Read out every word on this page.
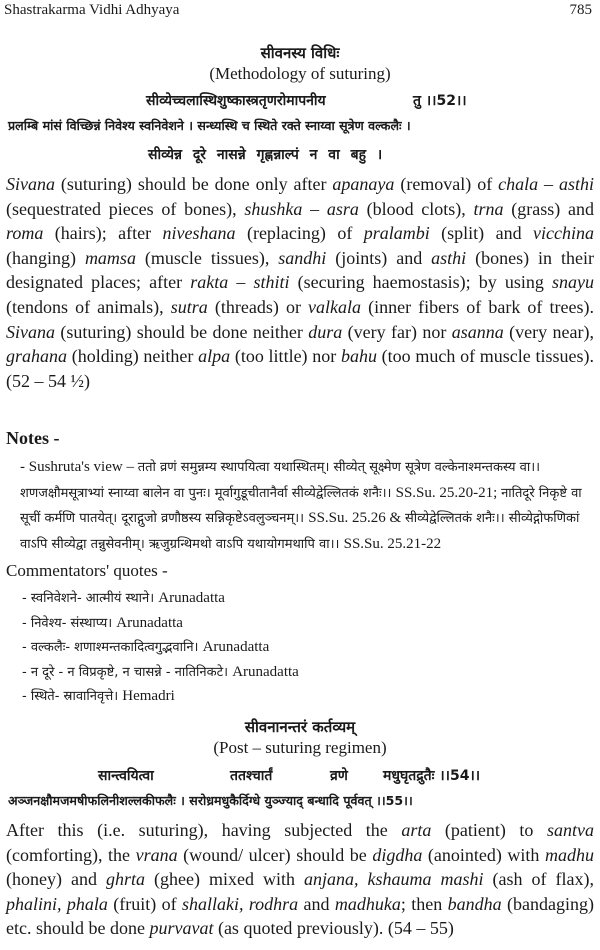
Shastrakarma Vidhi Adhyaya	785
सीवनस्य विधिः
(Methodology of suturing)
सीव्येच्चलास्थिशुष्कास्त्रतृणरोमापनीय	तु ।।52।।
प्रलम्बि मांसं विच्छिन्नं निवेश्य स्वनिवेशने । सन्ध्यस्थि च स्थिते रक्ते स्नाय्वा सूत्रेण वल्कलैः ।
सीव्येन्न दूरे नासन्ने गृह्णन्नाल्पं न वा बहु ।
Sivana (suturing) should be done only after apanaya (removal) of chala – asthi (sequestrated pieces of bones), shushka – asra (blood clots), trna (grass) and roma (hairs); after niveshana (replacing) of pralambi (split) and vicchina (hanging) mamsa (muscle tissues), sandhi (joints) and asthi (bones) in their designated places; after rakta – sthiti (securing haemostasis); by using snayu (tendons of animals), sutra (threads) or valkala (inner fibers of bark of trees). Sivana (suturing) should be done neither dura (very far) nor asanna (very near), grahana (holding) neither alpa (too little) nor bahu (too much of muscle tissues). (52 – 54 ½)
Notes -
- Sushruta's view – ततो व्रणं समुन्नम्य स्थापयित्वा यथास्थितम्। सीव्येत् सूक्ष्मेण सूत्रेण वल्केनाश्मन्तकस्य वा।। शणजक्षौमसूत्राभ्यां स्नाय्वा बालेन वा पुनः। मूर्वागुडूचीतानैर्वा सीव्येद्वेल्लितकं शनैः।। SS.Su. 25.20-21; नातिदूरे निकृष्टे वा सूचीं कर्मणि पातयेत्। दूराद्गुजो व्रणौष्ठस्य सन्निकृष्टेऽवलुञ्चनम्।। SS.Su. 25.26 & सीव्येद्वेल्लितकं शनैः।। सीव्येद्गोफणिकां वाऽपि सीव्येद्वा तन्नुसेवनीम्। ऋजुग्रन्थिमथो वाऽपि यथायोगमथापि वा।। SS.Su. 25.21-22
Commentators' quotes -
- स्वनिवेशने- आत्मीयं स्थाने। Arunadatta
- निवेश्य- संस्थाप्य। Arunadatta
- वल्कलैः- शणाश्मन्तकादित्वगुद्भवानि। Arunadatta
- न दूरे - न विप्रकृष्टे, न चासन्ने - नातिनिकटे। Arunadatta
- स्थिते- स्रावानिवृत्ते। Hemadri
सीवनानन्तरं कर्तव्यम्
(Post – suturing regimen)
सान्त्वयित्वा	ततश्चार्तं	व्रणे	मधुघृतद्रुतैः ।।54।।
अञ्जनक्षौमजमषीफलिनीशल्लकीफलैः । सरोध्रमधुकैर्दिग्धे युञ्ज्याद् बन्धादि पूर्ववत् ।।55।।
After this (i.e. suturing), having subjected the arta (patient) to santva (comforting), the vrana (wound/ ulcer) should be digdha (anointed) with madhu (honey) and ghrta (ghee) mixed with anjana, kshauma mashi (ash of flax), phalini, phala (fruit) of shallaki, rodhra and madhuka; then bandha (bandaging) etc. should be done purvavat (as quoted previously). (54 – 55)
